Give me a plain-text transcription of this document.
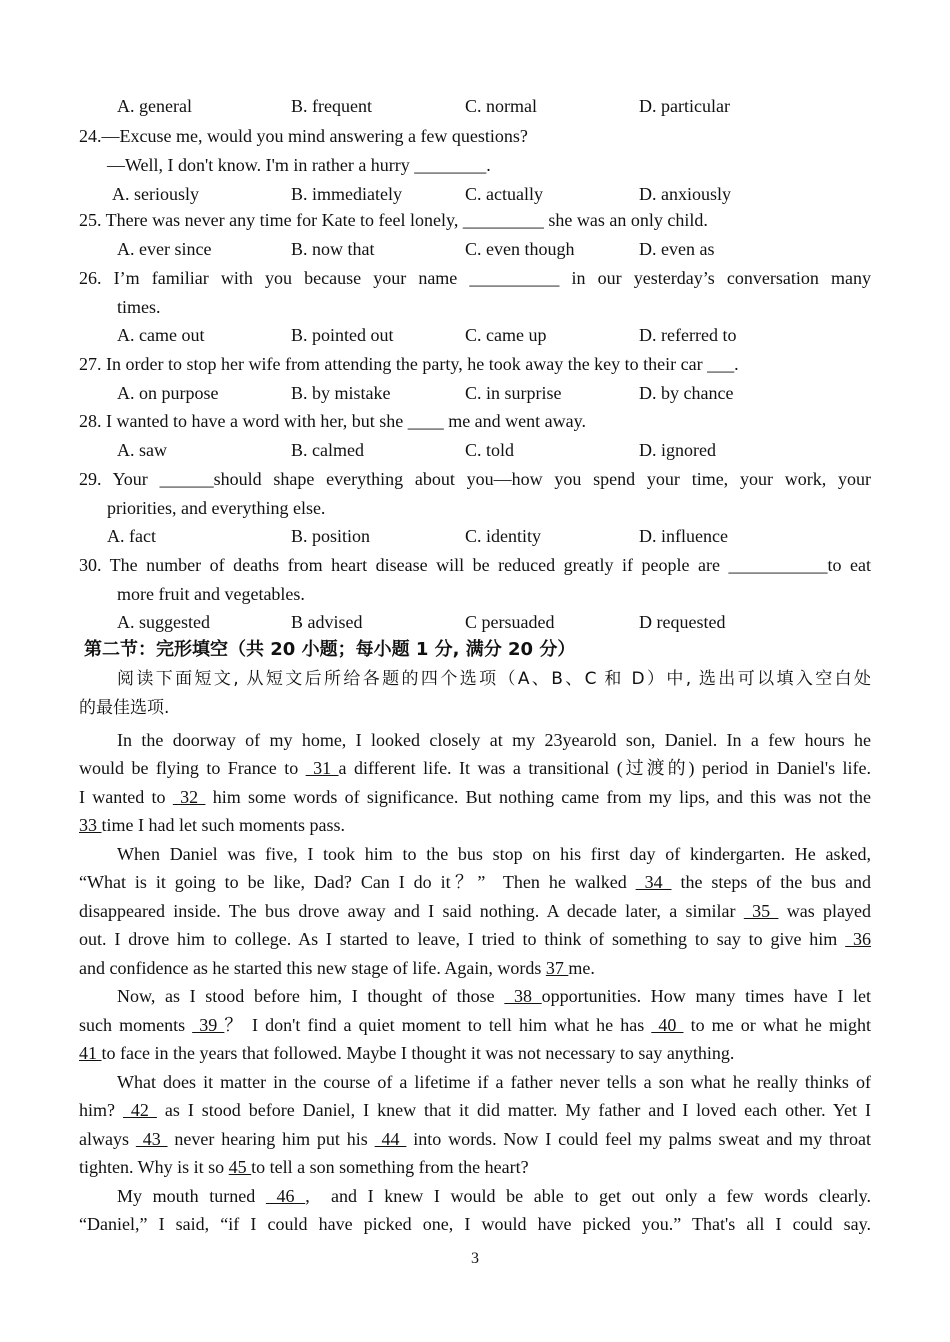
A. general	B. frequent	C. normal	D. particular
24.—Excuse me, would you mind answering a few questions?
—Well, I don't know. I'm in rather a hurry ________.
A. seriously	B. immediately	C. actually	D. anxiously
25. There was never any time for Kate to feel lonely, _________ she was an only child.
A. ever since	B. now that	C. even though	D. even as
26. I’m familiar with you because your name __________ in our yesterday’s conversation many
times.
A. came out	B. pointed out	C. came up	D. referred to
27. In order to stop her wife from attending the party, he took away the key to their car ___.
A. on purpose	B. by mistake	C. in surprise	D. by chance
28. I wanted to have a word with her, but she ____ me and went away.
A. saw	B. calmed	C. told	D. ignored
29. Your ______should shape everything about you—how you spend your time, your work, your
priorities, and everything else.
A. fact	B. position	C. identity	D. influence
30. The number of deaths from heart disease will be reduced greatly if people are ___________to eat
more fruit and vegetables.
A. suggested	B advised	C persuaded	D requested
第二节：完形填空（共 20 小题；每小题 1 分, 满分 20 分）
阅读下面短文, 从短文后所给各题的四个选项（A、B、C 和 D）中, 选出可以填入空白处
的最佳选项.
In the doorway of my home, I looked closely at my 23yearold son, Daniel. In a few hours he
would be flying to France to  31 a different life. It was a transitional (过渡的) period in Daniel's life.
I wanted to  32  him some words of significance. But nothing came from my lips, and this was not the
33 time I had let such moments pass.
When Daniel was five, I took him to the bus stop on his first day of kindergarten. He asked,
“What is it going to be like, Dad? Can I do it？”  Then he walked  34  the steps of the bus and
disappeared inside. The bus drove away and I said nothing. A decade later, a similar  35  was played
out. I drove him to college. As I started to leave, I tried to think of something to say to give him  36
and confidence as he started this new stage of life. Again, words 37 me.
Now, as I stood before him, I thought of those  38 opportunities. How many times have I let
such moments  39 ？ I don't find a quiet moment to tell him what he has  40  to me or what he might
41 to face in the years that followed. Maybe I thought it was not necessary to say anything.
What does it matter in the course of a lifetime if a father never tells a son what he really thinks of
him?  42  as I stood before Daniel, I knew that it did matter. My father and I loved each other. Yet I
always  43  never hearing him put his  44  into words. Now I could feel my palms sweat and my throat
tighten. Why is it so 45 to tell a son something from the heart?
My mouth turned  46 ,  and I knew I would be able to get out only a few words clearly.
“Daniel,” I said, “if I could have picked one, I would have picked you.” That's all I could say.
3
